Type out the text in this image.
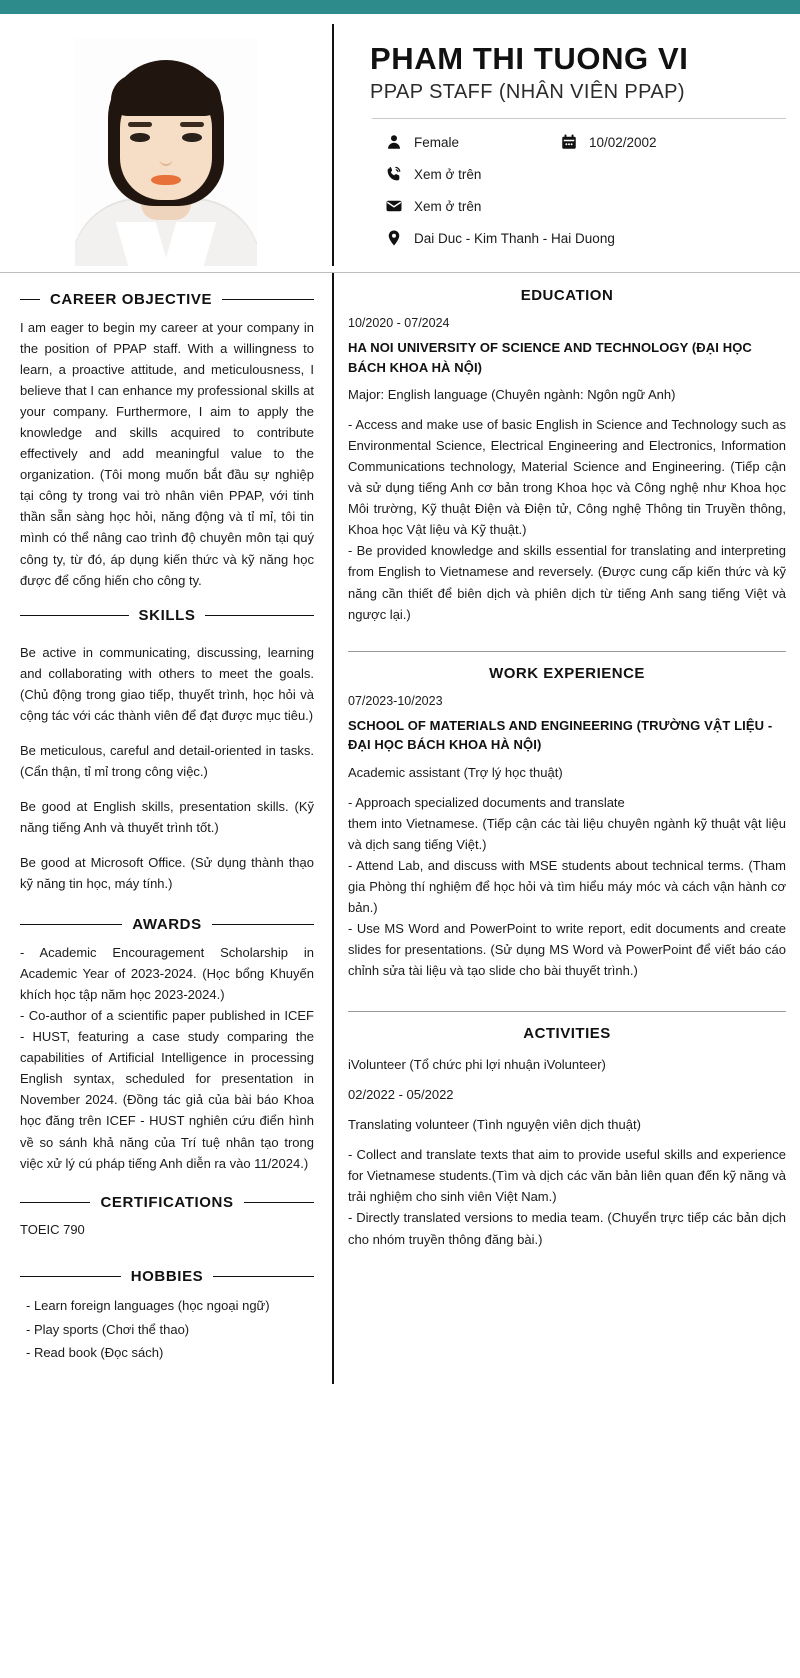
PHAM THI TUONG VI
PPAP STAFF (NHÂN VIÊN PPAP)
Female	10/02/2002
Xem ở trên
Xem ở trên
Dai Duc - Kim Thanh - Hai Duong
CAREER OBJECTIVE
I am eager to begin my career at your company in the position of PPAP staff. With a willingness to learn, a proactive attitude, and meticulousness, I believe that I can enhance my professional skills at your company. Furthermore, I aim to apply the knowledge and skills acquired to contribute effectively and add meaningful value to the organization. (Tôi mong muốn bắt đầu sự nghiệp tại công ty trong vai trò nhân viên PPAP, với tinh thần sẵn sàng học hỏi, năng động và tỉ mỉ, tôi tin mình có thể nâng cao trình độ chuyên môn tại quý công ty, từ đó, áp dụng kiến thức và kỹ năng học được để cống hiến cho công ty.
SKILLS
Be active in communicating, discussing, learning and collaborating with others to meet the goals. (Chủ động trong giao tiếp, thuyết trình, học hỏi và cộng tác với các thành viên để đạt được mục tiêu.)
Be meticulous, careful and detail-oriented in tasks. (Cẩn thận, tỉ mỉ trong công việc.)
Be good at English skills, presentation skills. (Kỹ năng tiếng Anh và thuyết trình tốt.)
Be good at Microsoft Office. (Sử dụng thành thạo kỹ năng tin học, máy tính.)
AWARDS
- Academic Encouragement Scholarship in Academic Year of 2023-2024. (Học bổng Khuyến khích học tập năm học 2023-2024.)
- Co-author of a scientific paper published in ICEF - HUST, featuring a case study comparing the capabilities of Artificial Intelligence in processing English syntax, scheduled for presentation in November 2024. (Đồng tác giả của bài báo Khoa học đăng trên ICEF - HUST nghiên cứu điển hình về so sánh khả năng của Trí tuệ nhân tạo trong việc xử lý cú pháp tiếng Anh diễn ra vào 11/2024.)
CERTIFICATIONS
TOEIC 790
HOBBIES
- Learn foreign languages (học ngoại ngữ)
- Play sports (Chơi thể thao)
- Read book (Đọc sách)
EDUCATION
10/2020 - 07/2024
HA NOI UNIVERSITY OF SCIENCE AND TECHNOLOGY (ĐẠI HỌC BÁCH KHOA HÀ NỘI)
Major: English language (Chuyên ngành: Ngôn ngữ Anh)
- Access and make use of basic English in Science and Technology such as Environmental Science, Electrical Engineering and Electronics, Information Communications technology, Material Science and Engineering. (Tiếp cận và sử dụng tiếng Anh cơ bản trong Khoa học và Công nghệ như Khoa học Môi trường, Kỹ thuật Điện và Điện tử, Công nghệ Thông tin Truyền thông, Khoa học Vật liệu và Kỹ thuật.)
- Be provided knowledge and skills essential for translating and interpreting from English to Vietnamese and reversely. (Được cung cấp kiến thức và kỹ năng cần thiết để biên dịch và phiên dịch từ tiếng Anh sang tiếng Việt và ngược lại.)
WORK EXPERIENCE
07/2023-10/2023
SCHOOL OF MATERIALS AND ENGINEERING (TRƯỜNG VẬT LIỆU - ĐẠI HỌC BÁCH KHOA HÀ NỘI)
Academic assistant (Trợ lý học thuật)
- Approach specialized documents and translate
them into Vietnamese. (Tiếp cận các tài liệu chuyên ngành kỹ thuật vật liệu và dịch sang tiếng Việt.)
- Attend Lab, and discuss with MSE students about technical terms. (Tham gia Phòng thí nghiệm để học hỏi và tìm hiểu máy móc và cách vận hành cơ bản.)
- Use MS Word and PowerPoint to write report, edit documents and create slides for presentations. (Sử dụng MS Word và PowerPoint để viết báo cáo chỉnh sửa tài liệu và tạo slide cho bài thuyết trình.)
ACTIVITIES
iVolunteer (Tổ chức phi lợi nhuận iVolunteer)
02/2022 - 05/2022
Translating volunteer (Tình nguyện viên dịch thuật)
- Collect and translate texts that aim to provide useful skills and experience for Vietnamese students.(Tìm và dịch các văn bản liên quan đến kỹ năng và trải nghiệm cho sinh viên Việt Nam.)
- Directly translated versions to media team. (Chuyển trực tiếp các bản dịch cho nhóm truyền thông đăng bài.)
